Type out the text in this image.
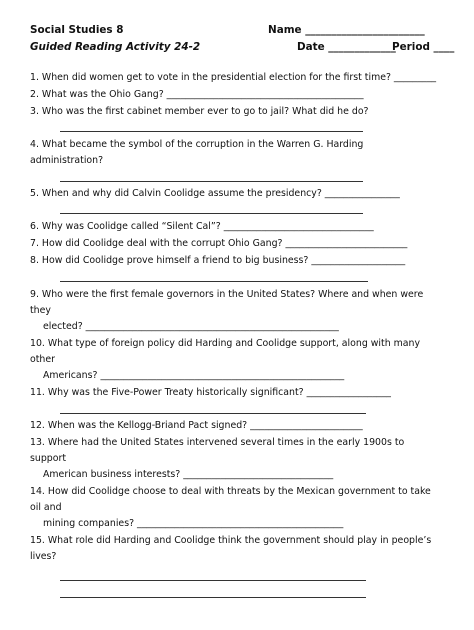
Social Studies 8	Name _______________________
Guided Reading Activity 24-2	Date _____________
Period ____
1. When did women get to vote in the presidential election for the first time? _________
2. What was the Ohio Gang? __________________________________________
3. Who was the first cabinet member ever to go to jail? What did he do?
4. What became the symbol of the corruption in the Warren G. Harding
administration?
5. When and why did Calvin Coolidge assume the presidency? ________________
6. Why was Coolidge called “Silent Cal”? ________________________________
7. How did Coolidge deal with the corrupt Ohio Gang? __________________________
8. How did Coolidge prove himself a friend to big business? ____________________
9. Who were the first female governors in the United States? Where and when were
they
elected? ______________________________________________________
10. What type of foreign policy did Harding and Coolidge support, along with many
other
Americans? ____________________________________________________
11. Why was the Five-Power Treaty historically significant? __________________
12. When was the Kellogg-Briand Pact signed? ________________________
13. Where had the United States intervened several times in the early 1900s to
support
American business interests? ________________________________
14. How did Coolidge choose to deal with threats by the Mexican government to take
oil and
mining companies? ____________________________________________
15. What role did Harding and Coolidge think the government should play in people’s
lives?
